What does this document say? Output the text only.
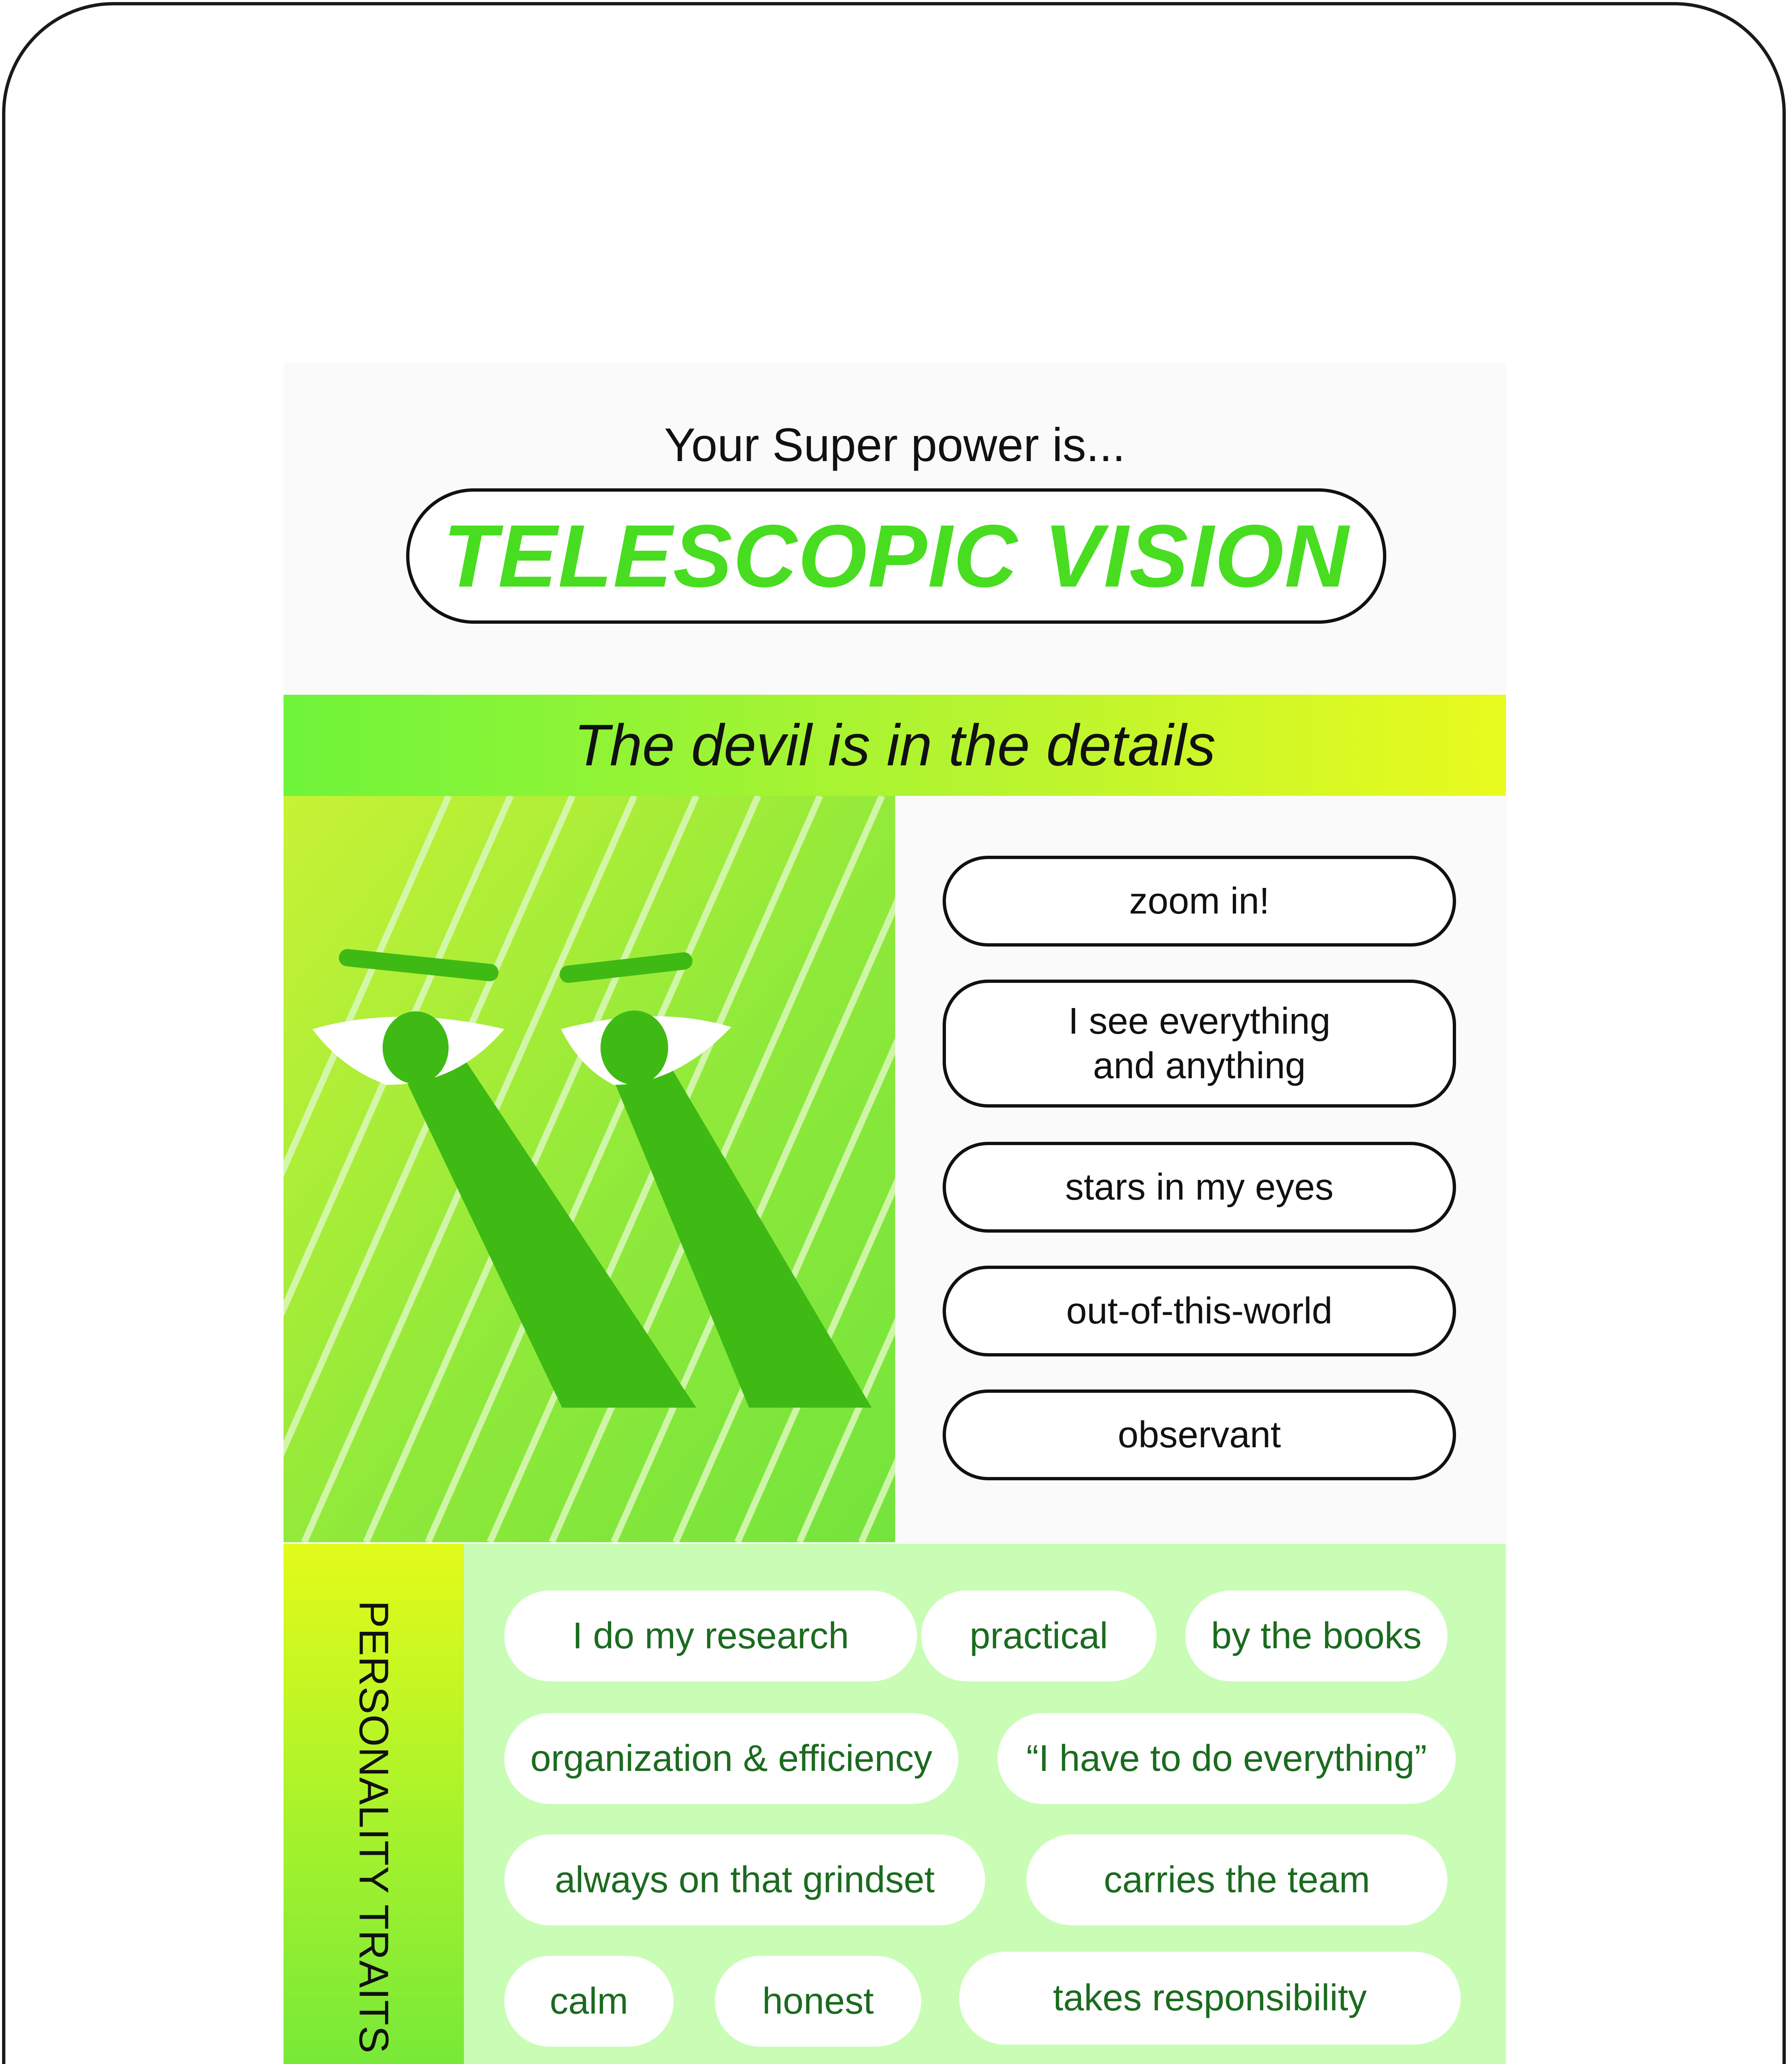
Your Super power is...
TELESCOPIC VISION
The devil is in the details
zoom in!
I see everything
and anything
stars in my eyes
out-of-this-world
observant
PERSONALITY TRAITS	I do my research	practical	by the books
organization & efficiency	“I have to do everything”
always on that grindset	carries the team
calm	honest	takes responsibility
